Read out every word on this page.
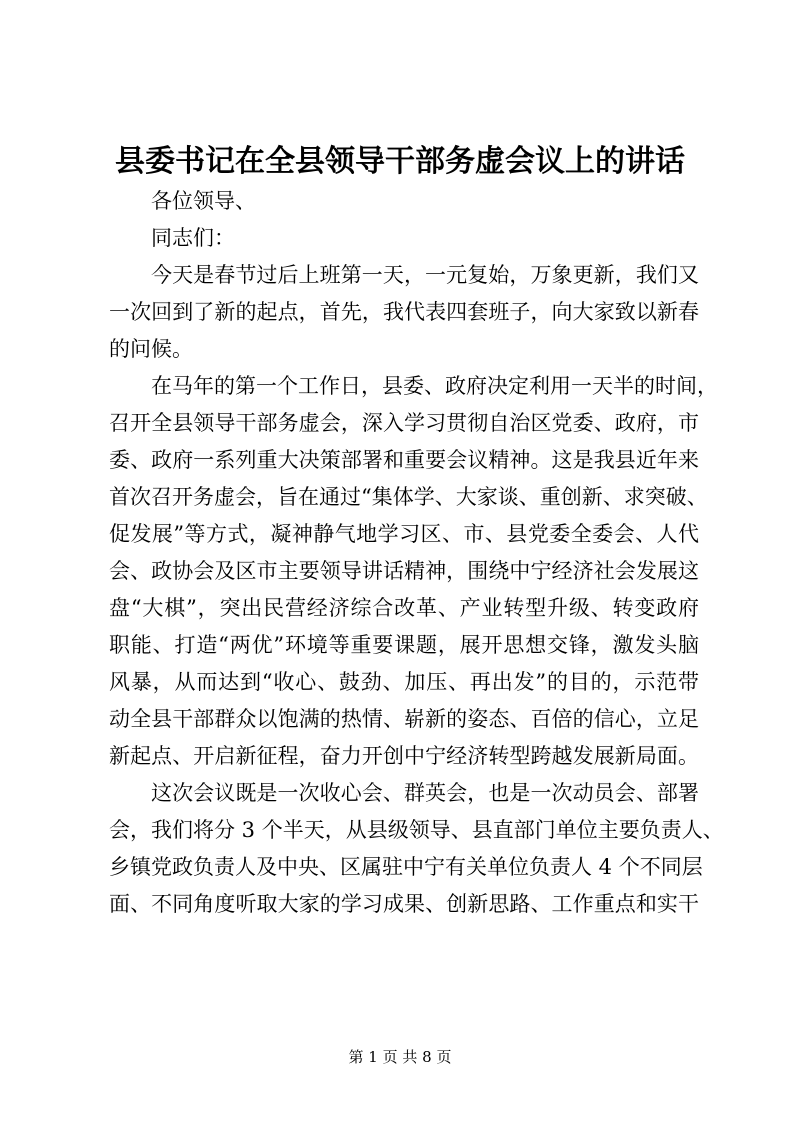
县委书记在全县领导干部务虚会议上的讲话
各位领导、
同志们：
今天是春节过后上班第一天，一元复始，万象更新，我们又
一次回到了新的起点，首先，我代表四套班子，向大家致以新春
的问候。
在马年的第一个工作日，县委、政府决定利用一天半的时间，
召开全县领导干部务虚会，深入学习贯彻自治区党委、政府，市
委、政府一系列重大决策部署和重要会议精神。这是我县近年来
首次召开务虚会，旨在通过“集体学、大家谈、重创新、求突破、
促发展”等方式，凝神静气地学习区、市、县党委全委会、人代
会、政协会及区市主要领导讲话精神，围绕中宁经济社会发展这
盘“大棋”，突出民营经济综合改革、产业转型升级、转变政府
职能、打造“两优”环境等重要课题，展开思想交锋，激发头脑
风暴，从而达到“收心、鼓劲、加压、再出发”的目的，示范带
动全县干部群众以饱满的热情、崭新的姿态、百倍的信心，立足
新起点、开启新征程，奋力开创中宁经济转型跨越发展新局面。
这次会议既是一次收心会、群英会，也是一次动员会、部署
会，我们将分 3 个半天，从县级领导、县直部门单位主要负责人、
乡镇党政负责人及中央、区属驻中宁有关单位负责人 4 个不同层
面、不同角度听取大家的学习成果、创新思路、工作重点和实干
第 1 页 共 8 页
